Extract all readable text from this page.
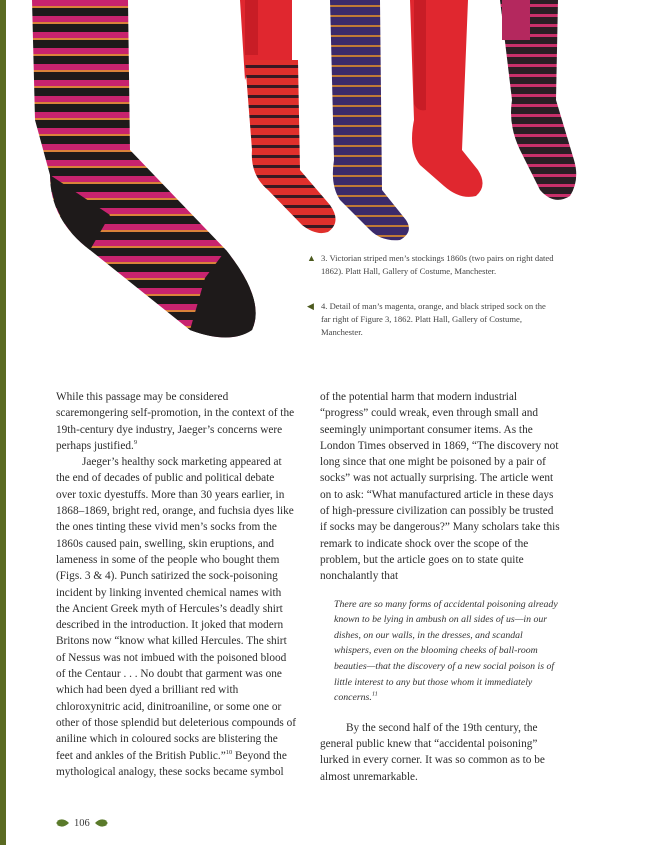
▲ 3. Victorian striped men’s stockings 1860s (two pairs on right dated 1862). Platt Hall, Gallery of Costume, Manchester.
◀ 4. Detail of man’s magenta, orange, and black striped sock on the far right of Figure 3, 1862. Platt Hall, Gallery of Costume, Manchester.

While this passage may be considered scaremongering self-promotion, in the context of the 19th-century dye industry, Jaeger’s concerns were perhaps justified.$^9$

Jaeger’s healthy sock marketing appeared at the end of decades of public and political debate over toxic dyestuffs. More than 30 years earlier, in 1868–1869, bright red, orange, and fuchsia dyes like the ones tinting these vivid men’s socks from the 1860s caused pain, swelling, skin eruptions, and lameness in some of the people who bought them (Figs. 3 & 4). Punch satirized the sock-poisoning incident by linking invented chemical names with the Ancient Greek myth of Hercules’s deadly shirt described in the introduction. It joked that modern Britons now “know what killed Hercules. The shirt of Nessus was not imbued with the poisoned blood of the Centaur . . . No doubt that garment was one which had been dyed a brilliant red with chloroxynitric acid, dinitroaniline, or some one or other of those splendid but deleterious compounds of aniline which in coloured socks are blistering the feet and ankles of the British Public.”$^{10}$ Beyond the mythological analogy, these socks became symbol

of the potential harm that modern industrial “progress” could wreak, even through small and seemingly unimportant consumer items. As the London Times observed in 1869, “The discovery not long since that one might be poisoned by a pair of socks” was not actually surprising. The article went on to ask: “What manufactured article in these days of high-pressure civilization can possibly be trusted if socks may be dangerous?” Many scholars take this remark to indicate shock over the scope of the problem, but the article goes on to state quite nonchalantly that

There are so many forms of accidental poisoning already known to be lying in ambush on all sides of us—in our dishes, on our walls, in the dresses, and scandal whispers, even on the blooming cheeks of ball-room beauties—that the discovery of a new social poison is of little interest to any but those whom it immediately concerns.$^{11}$

By the second half of the 19th century, the general public knew that “accidental poisoning” lurked in every corner. It was so common as to be almost unremarkable.

106
